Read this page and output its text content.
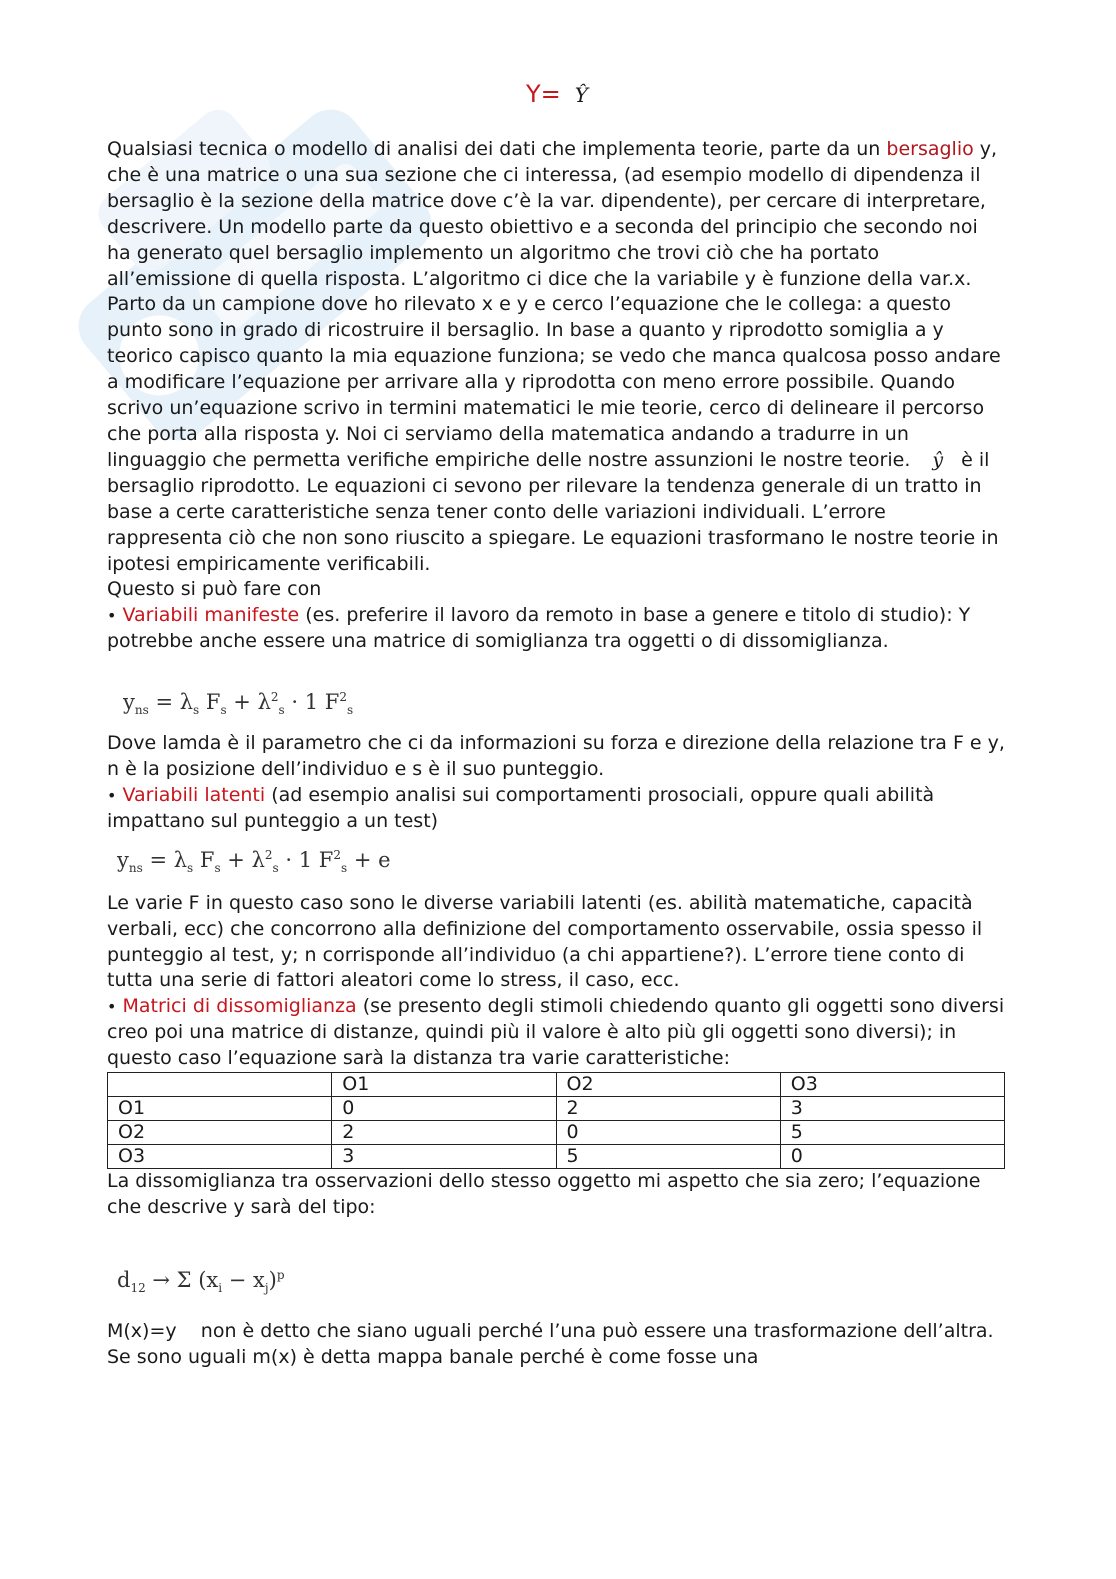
Y= Ŷ

Qualsiasi tecnica o modello di analisi dei dati che implementa teorie, parte da un bersaglio y, che è una matrice o una sua sezione che ci interessa, (ad esempio modello di dipendenza il bersaglio è la sezione della matrice dove c’è la var. dipendente), per cercare di interpretare, descrivere. Un modello parte da questo obiettivo e a seconda del principio che secondo noi ha generato quel bersaglio implemento un algoritmo che trovi ciò che ha portato all’emissione di quella risposta. L’algoritmo ci dice che la variabile y è funzione della var.x.

Parto da un campione dove ho rilevato x e y e cerco l’equazione che le collega: a questo punto sono in grado di ricostruire il bersaglio. In base a quanto y riprodotto somiglia a y teorico capisco quanto la mia equazione funziona; se vedo che manca qualcosa posso andare a modificare l’equazione per arrivare alla y riprodotta con meno errore possibile. Quando scrivo un’equazione scrivo in termini matematici le mie teorie, cerco di delineare il percorso che porta alla risposta y. Noi ci serviamo della matematica andando a tradurre in un linguaggio che permetta verifiche empiriche delle nostre assunzioni le nostre teorie. ŷ è il bersaglio riprodotto. Le equazioni ci sevono per rilevare la tendenza generale di un tratto in base a certe caratteristiche senza tener conto delle variazioni individuali. L’errore rappresenta ciò che non sono riuscito a spiegare. Le equazioni trasformano le nostre teorie in ipotesi empiricamente verificabili.

Questo si può fare con

• Variabili manifeste (es. preferire il lavoro da remoto in base a genere e titolo di studio): Y potrebbe anche essere una matrice di somiglianza tra oggetti o di dissomiglianza.

$y_{ns} = \lambda_s$ $F_s + \lambda^2_s \cdot 1$ $F^2_s$

Dove lamda è il parametro che ci da informazioni su forza e direzione della relazione tra F e y, n è la posizione dell’individuo e s è il suo punteggio.

• Variabili latenti (ad esempio analisi sui comportamenti prosociali, oppure quali abilità impattano sul punteggio a un test)

$y_{ns} = \lambda_s$ $F_s + \lambda^2_s \cdot 1$ $F^2_s + e$

Le varie F in questo caso sono le diverse variabili latenti (es. abilità matematiche, capacità verbali, ecc) che concorrono alla definizione del comportamento osservabile, ossia spesso il punteggio al test, y; n corrisponde all’individuo (a chi appartiene?). L’errore tiene conto di tutta una serie di fattori aleatori come lo stress, il caso, ecc.

• Matrici di dissomiglianza (se presento degli stimoli chiedendo quanto gli oggetti sono diversi creo poi una matrice di distanze, quindi più il valore è alto più gli oggetti sono diversi); in questo caso l’equazione sarà la distanza tra varie caratteristiche:

	O1	O2	O3
O1	0	2	3
O2	2	0	5
O3	3	5	0

La dissomiglianza tra osservazioni dello stesso oggetto mi aspetto che sia zero; l’equazione che descrive y sarà del tipo:

$d_{12} \to \Sigma$ $(x_i - x_j)^p$

M(x)=y    non è detto che siano uguali perché l’una può essere una trasformazione dell’altra. Se sono uguali m(x) è detta mappa banale perché è come fosse una
